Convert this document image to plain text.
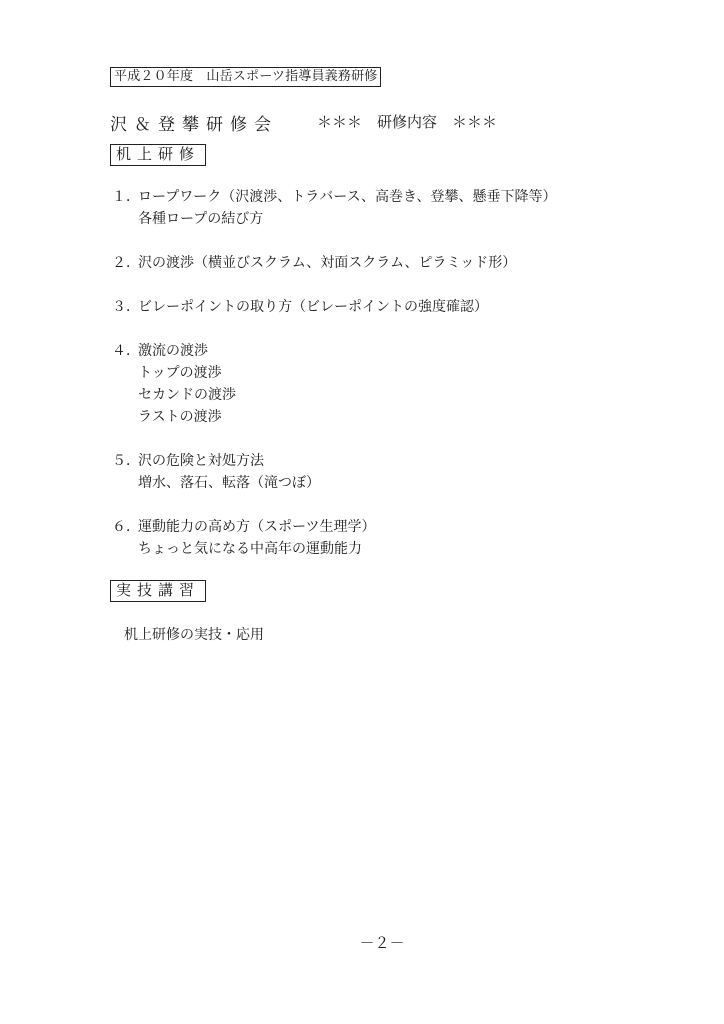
平成２０年度　山岳スポーツ指導員義務研修
沢＆登攀研修会	＊＊＊　研修内容　＊＊＊
机上研修
１．ロープワーク（沢渡渉、トラバース、高巻き、登攀、懸垂下降等）
各種ロープの結び方
２．沢の渡渉（横並びスクラム、対面スクラム、ピラミッド形）
３．ビレーポイントの取り方（ビレーポイントの強度確認）
４．激流の渡渉
トップの渡渉
セカンドの渡渉
ラストの渡渉
５．沢の危険と対処方法
増水、落石、転落（滝つぼ）
６．運動能力の高め方（スポーツ生理学）
ちょっと気になる中高年の運動能力
実技講習
机上研修の実技・応用
－２－
